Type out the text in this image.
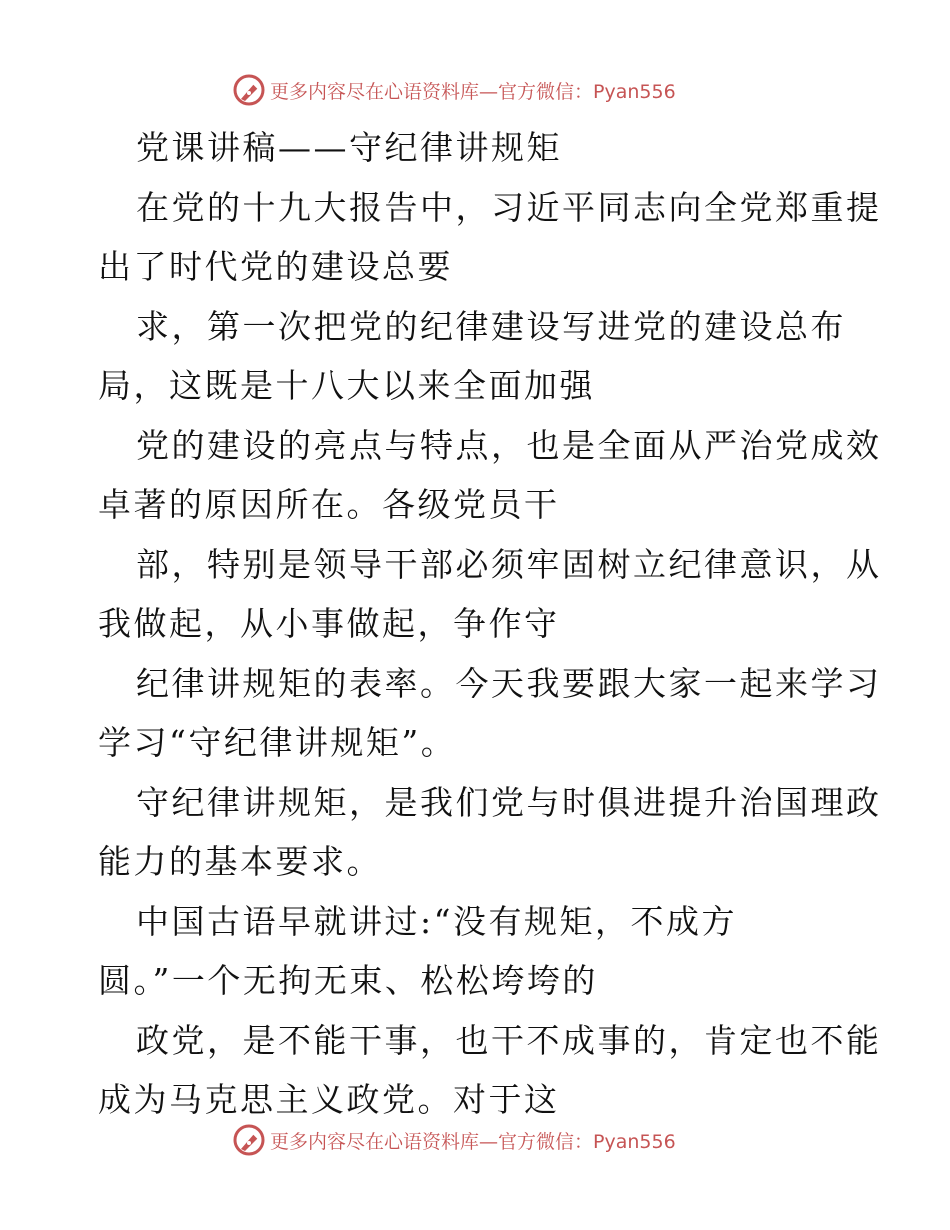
更多内容尽在心语资料库—官方微信：Pyan556
党课讲稿——守纪律讲规矩
在党的十九大报告中，习近平同志向全党郑重提
出了时代党的建设总要
求，第一次把党的纪律建设写进党的建设总布
局，这既是十八大以来全面加强
党的建设的亮点与特点，也是全面从严治党成效
卓著的原因所在。各级党员干
部，特别是领导干部必须牢固树立纪律意识，从
我做起，从小事做起，争作守
纪律讲规矩的表率。今天我要跟大家一起来学习
学习“守纪律讲规矩”。
守纪律讲规矩，是我们党与时俱进提升治国理政
能力的基本要求。
中国古语早就讲过:“没有规矩，不成方
圆。”一个无拘无束、松松垮垮的
政党，是不能干事，也干不成事的，肯定也不能
成为马克思主义政党。对于这
更多内容尽在心语资料库—官方微信：Pyan556
